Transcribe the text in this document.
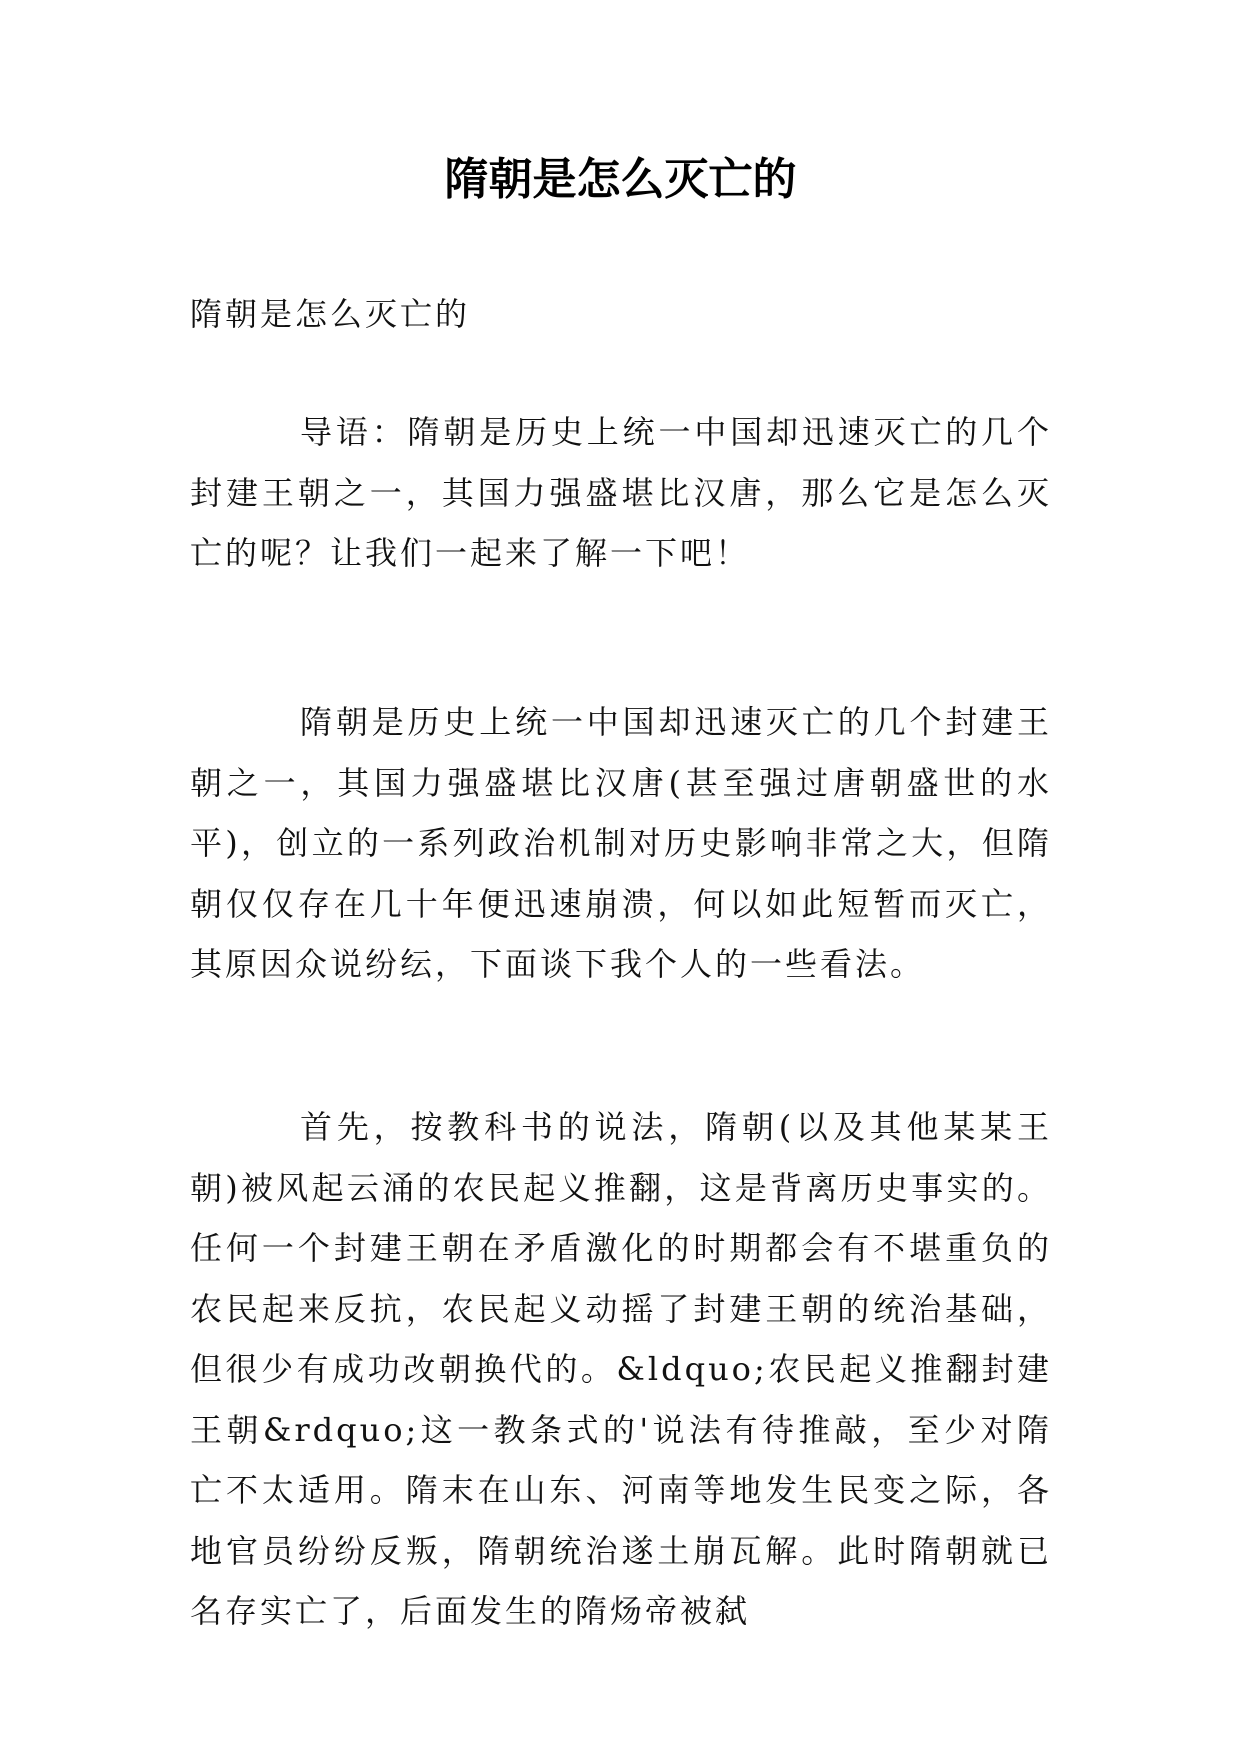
隋朝是怎么灭亡的

隋朝是怎么灭亡的

导语：隋朝是历史上统一中国却迅速灭亡的几个封建王朝之一，其国力强盛堪比汉唐，那么它是怎么灭亡的呢？让我们一起来了解一下吧！

隋朝是历史上统一中国却迅速灭亡的几个封建王朝之一，其国力强盛堪比汉唐(甚至强过唐朝盛世的水平)，创立的一系列政治机制对历史影响非常之大，但隋朝仅仅存在几十年便迅速崩溃，何以如此短暂而灭亡，其原因众说纷纭，下面谈下我个人的一些看法。

首先，按教科书的说法，隋朝(以及其他某某王朝)被风起云涌的农民起义推翻，这是背离历史事实的。任何一个封建王朝在矛盾激化的时期都会有不堪重负的农民起来反抗，农民起义动摇了封建王朝的统治基础，但很少有成功改朝换代的。&ldquo;农民起义推翻封建王朝&rdquo;这一教条式的'说法有待推敲，至少对隋亡不太适用。隋末在山东、河南等地发生民变之际，各地官员纷纷反叛，隋朝统治遂土崩瓦解。此时隋朝就已名存实亡了，后面发生的隋炀帝被弑
